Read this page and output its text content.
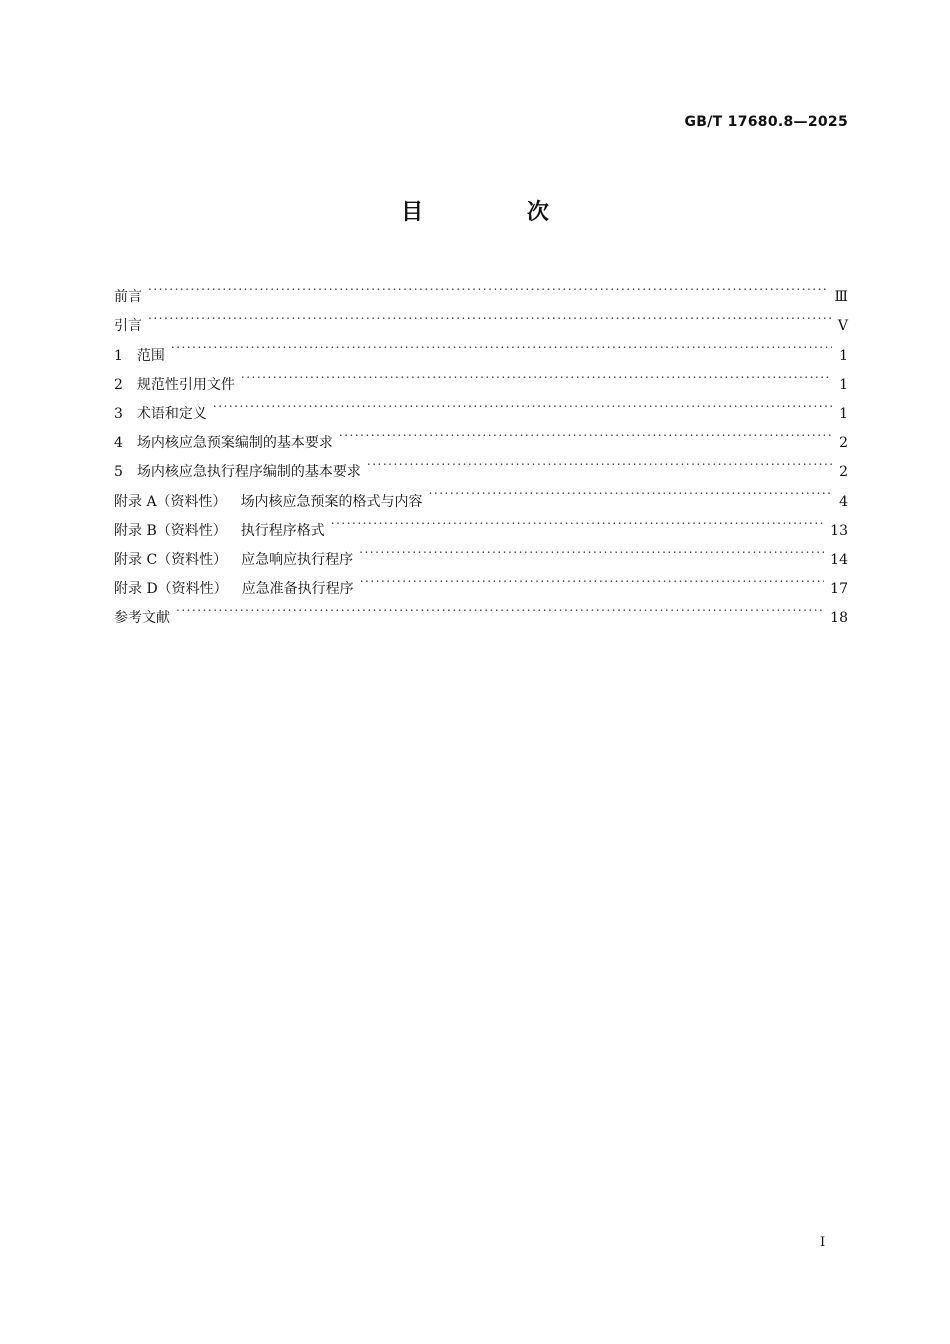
GB/T 17680.8—2025
目 次
前言 .....	Ⅲ
引言 .....	Ⅴ
1 范围 .....	1
2 规范性引用文件 .....	1
3 术语和定义 .....	1
4 场内核应急预案编制的基本要求 .....	2
5 场内核应急执行程序编制的基本要求 .....	2
附录 A（资料性） 场内核应急预案的格式与内容 .....	4
附录 B（资料性） 执行程序格式 .....	13
附录 C（资料性） 应急响应执行程序 .....	14
附录 D（资料性） 应急准备执行程序 .....	17
参考文献 .....	18
Ⅰ
